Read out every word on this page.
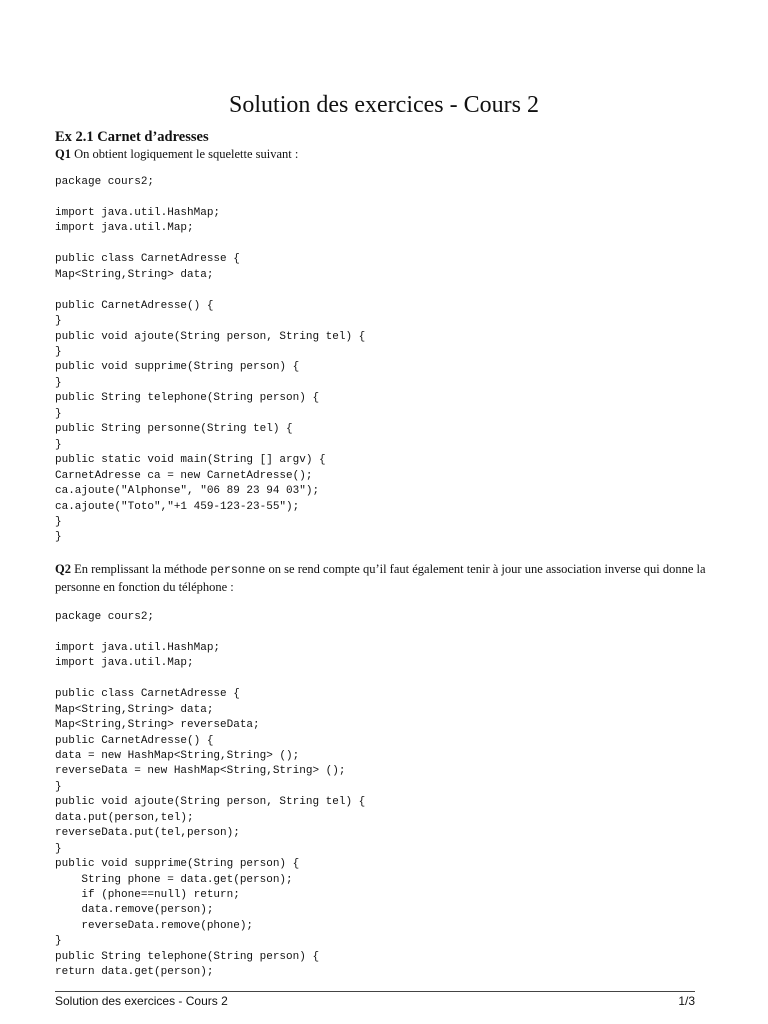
Solution des exercices - Cours 2
Ex 2.1 Carnet d’adresses

Q1 On obtient logiquement le squelette suivant :

package cours2;

import java.util.HashMap;
import java.util.Map;

public class CarnetAdresse {
Map<String,String> data;

public CarnetAdresse() {
}
public void ajoute(String person, String tel) {
}
public void supprime(String person) {
}
public String telephone(String person) {
}
public String personne(String tel) {
}
public static void main(String [] argv) {
CarnetAdresse ca = new CarnetAdresse();
ca.ajoute("Alphonse", "06 89 23 94 03");
ca.ajoute("Toto","+1 459-123-23-55");
}
}

Q2 En remplissant la méthode personne on se rend compte qu’il faut également tenir à jour une association inverse qui donne la personne en fonction du téléphone :

package cours2;

import java.util.HashMap;
import java.util.Map;

public class CarnetAdresse {
Map<String,String> data;
Map<String,String> reverseData;
public CarnetAdresse() {
data = new HashMap<String,String> ();
reverseData = new HashMap<String,String> ();
}
public void ajoute(String person, String tel) {
data.put(person,tel);
reverseData.put(tel,person);
}
public void supprime(String person) {
String phone = data.get(person);
if (phone==null) return;
data.remove(person);
reverseData.remove(phone);
}
public String telephone(String person) {
return data.get(person);
Solution des exercices - Cours 2	1/3
